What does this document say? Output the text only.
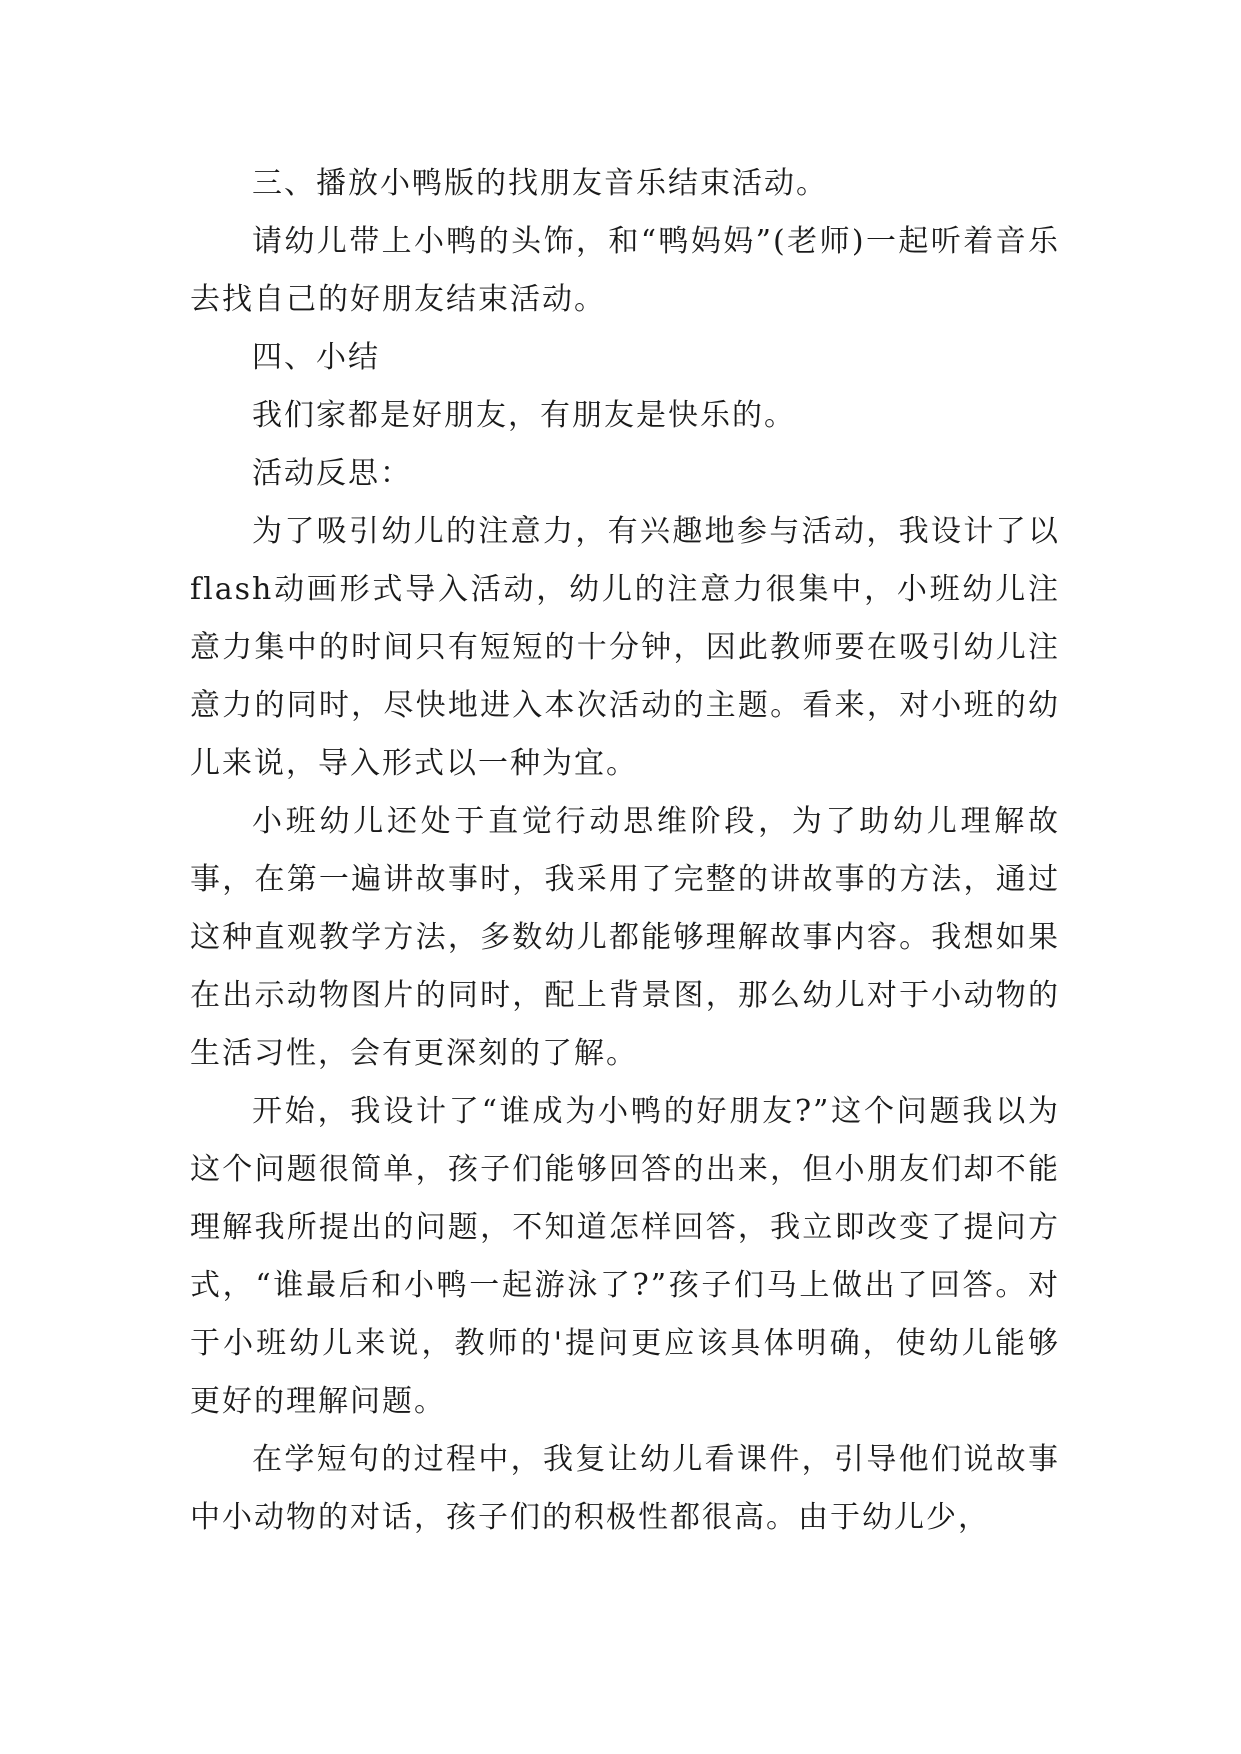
三、播放小鸭版的找朋友音乐结束活动。

请幼儿带上小鸭的头饰，和“鸭妈妈”(老师)一起听着音乐去找自己的好朋友结束活动。

四、小结

我们家都是好朋友，有朋友是快乐的。

活动反思：

为了吸引幼儿的注意力，有兴趣地参与活动，我设计了以flash动画形式导入活动，幼儿的注意力很集中，小班幼儿注意力集中的时间只有短短的十分钟，因此教师要在吸引幼儿注意力的同时，尽快地进入本次活动的主题。看来，对小班的幼儿来说，导入形式以一种为宜。

小班幼儿还处于直觉行动思维阶段，为了助幼儿理解故事，在第一遍讲故事时，我采用了完整的讲故事的方法，通过这种直观教学方法，多数幼儿都能够理解故事内容。我想如果在出示动物图片的同时，配上背景图，那么幼儿对于小动物的生活习性，会有更深刻的了解。

开始，我设计了“谁成为小鸭的好朋友?”这个问题我以为这个问题很简单，孩子们能够回答的出来，但小朋友们却不能理解我所提出的问题，不知道怎样回答，我立即改变了提问方式，“谁最后和小鸭一起游泳了?”孩子们马上做出了回答。对于小班幼儿来说，教师的'提问更应该具体明确，使幼儿能够更好的理解问题。

在学短句的过程中，我复让幼儿看课件，引导他们说故事中小动物的对话，孩子们的积极性都很高。由于幼儿少，
